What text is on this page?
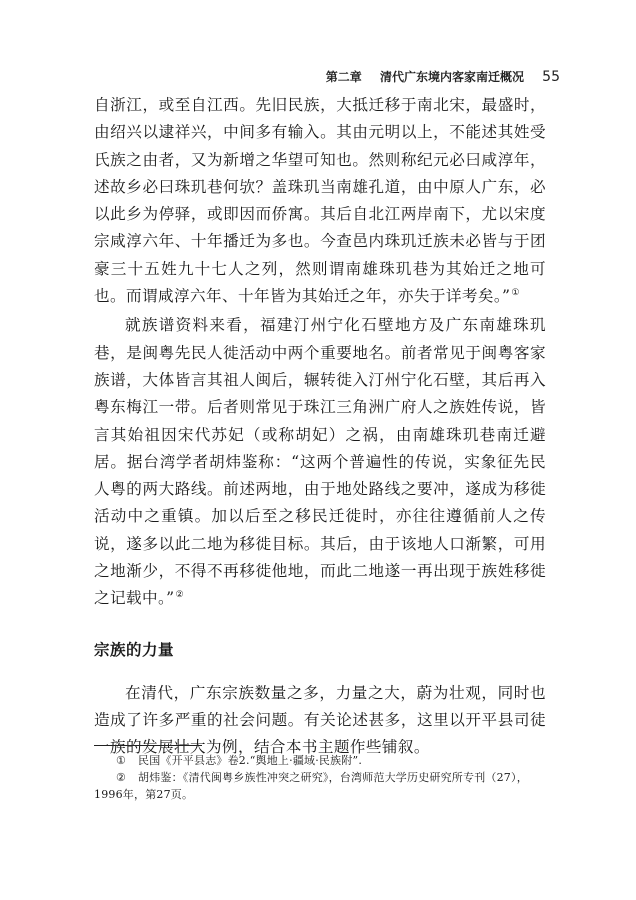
第二章 清代广东境内客家南迁概况 55

自浙江，或至自江西。先旧民族，大抵迁移于南北宋，最盛时，由绍兴以逮祥兴，中间多有输入。其由元明以上，不能述其姓受氏族之由者，又为新增之华望可知也。然则称纪元必曰咸淳年，述故乡必曰珠玑巷何欤？盖珠玑当南雄孔道，由中原人广东，必以此乡为停驿，或即因而侨寓。其后自北江两岸南下，尤以宋度宗咸淳六年、十年播迁为多也。今查邑内珠玑迁族未必皆与于团豪三十五姓九十七人之列，然则谓南雄珠玑巷为其始迁之地可也。而谓咸淳六年、十年皆为其始迁之年，亦失于详考矣。”①

就族谱资料来看，福建汀州宁化石壁地方及广东南雄珠玑巷，是闽粤先民人徙活动中两个重要地名。前者常见于闽粤客家族谱，大体皆言其祖人闽后，辗转徙入汀州宁化石壁，其后再入粤东梅江一带。后者则常见于珠江三角洲广府人之族姓传说，皆言其始祖因宋代苏妃（或称胡妃）之祸，由南雄珠玑巷南迁避居。据台湾学者胡炜鉴称：“这两个普遍性的传说，实象征先民人粤的两大路线。前述两地，由于地处路线之要冲，遂成为移徙活动中之重镇。加以后至之移民迁徙时，亦往往遵循前人之传说，遂多以此二地为移徙目标。其后，由于该地人口渐繁，可用之地渐少，不得不再移徙他地，而此二地遂一再出现于族姓移徙之记载中。”②

宗族的力量

在清代，广东宗族数量之多，力量之大，蔚为壮观，同时也造成了许多严重的社会问题。有关论述甚多，这里以开平县司徒一族的发展壮大为例，结合本书主题作些铺叙。

① 民国《开平县志》卷2.“舆地上·疆域·民族附”.

② 胡炜鉴：《清代闽粤乡族性冲突之研究》，台湾师范大学历史研究所专刊（27），1996年，第27页。
